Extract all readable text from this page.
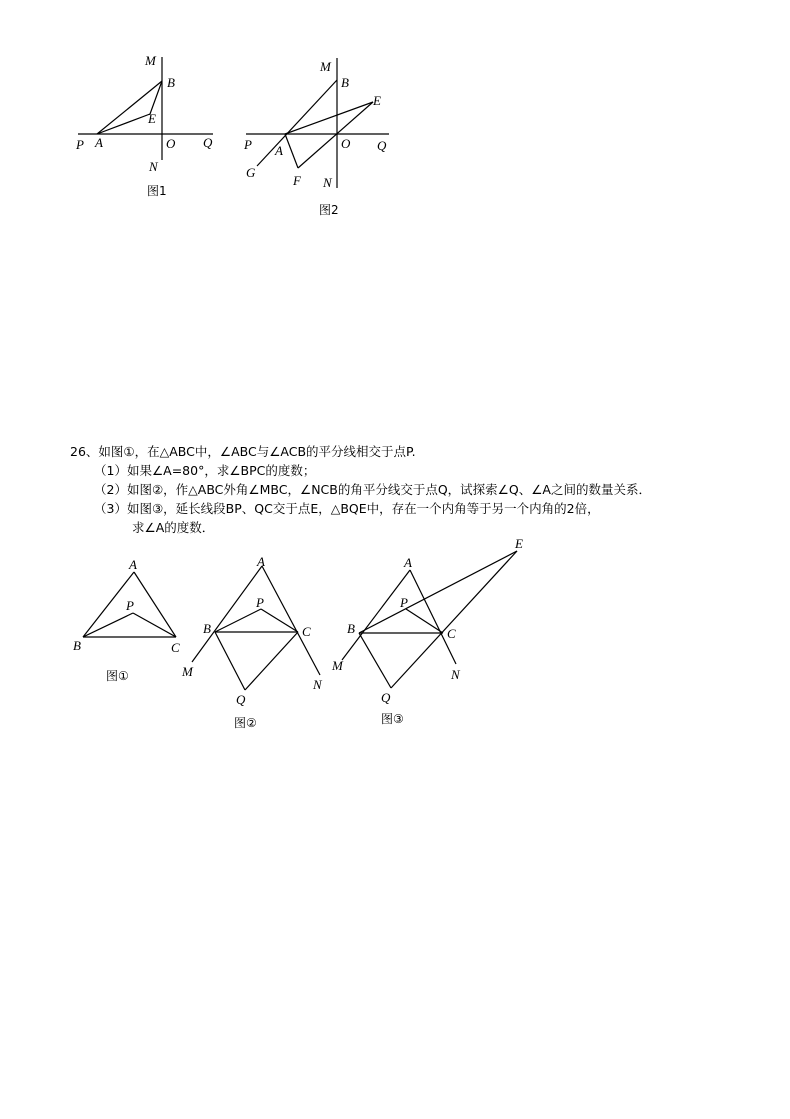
M
B
E
P A	O Q
N
图1
M
B
E
P A	O Q
G
F N
图2
A
P
B	C
图①
A
P
B	C
M
N
Q
图②
E
A
P
B	C
M
N
Q
图③
26、如图①，在△ABC中，∠ABC与∠ACB的平分线相交于点P.
（1）如果∠A=80°，求∠BPC的度数；
（2）如图②，作△ABC外角∠MBC，∠NCB的角平分线交于点Q，试探索∠Q、∠A之间的数量关系．
（3）如图③，延长线段BP、QC交于点E，△BQE中，存在一个内角等于另一个内角的2倍，
求∠A的度数．
